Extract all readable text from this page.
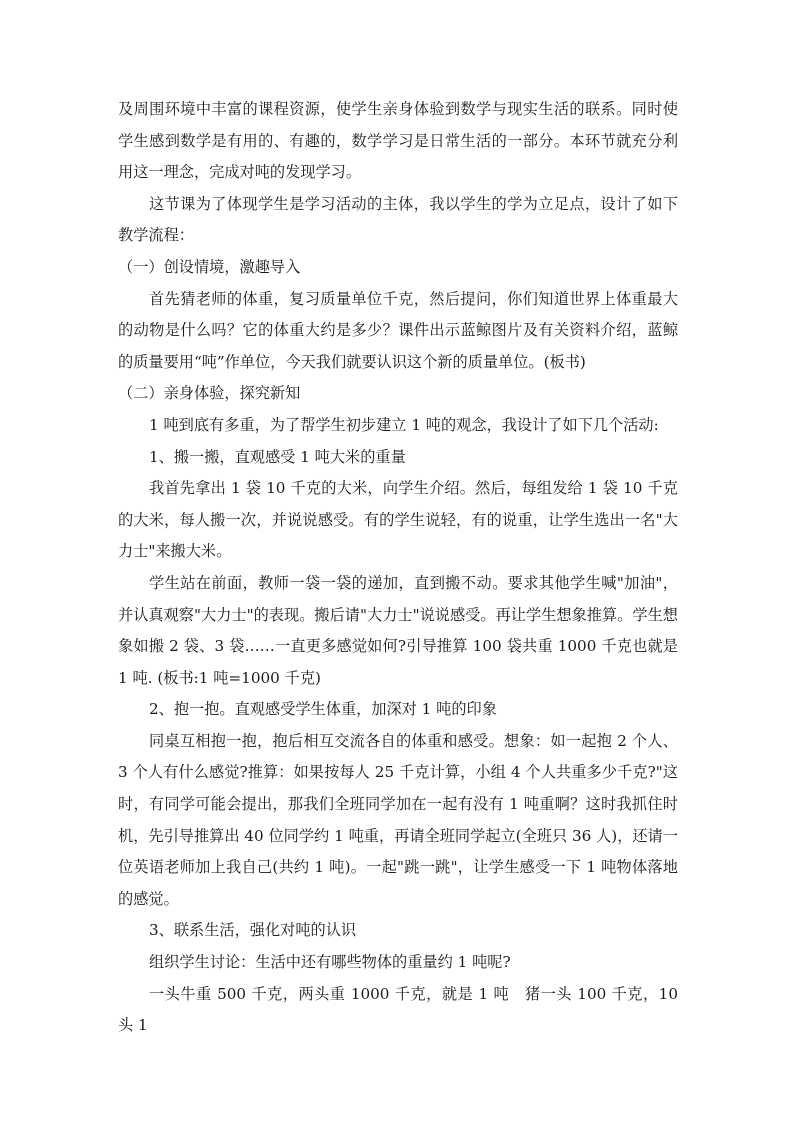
及周围环境中丰富的课程资源，使学生亲身体验到数学与现实生活的联系。同时使学生感到数学是有用的、有趣的，数学学习是日常生活的一部分。本环节就充分利用这一理念，完成对吨的发现学习。

这节课为了体现学生是学习活动的主体，我以学生的学为立足点，设计了如下教学流程：

（一）创设情境，激趣导入

首先猜老师的体重，复习质量单位千克，然后提问，你们知道世界上体重最大的动物是什么吗？它的体重大约是多少？课件出示蓝鲸图片及有关资料介绍，蓝鲸的质量要用“吨”作单位，今天我们就要认识这个新的质量单位。(板书)

（二）亲身体验，探究新知

1 吨到底有多重，为了帮学生初步建立 1 吨的观念，我设计了如下几个活动:

1、搬一搬，直观感受 1 吨大米的重量

我首先拿出 1 袋 10 千克的大米，向学生介绍。然后，每组发给 1 袋 10 千克的大米，每人搬一次，并说说感受。有的学生说轻，有的说重，让学生选出一名"大力士"来搬大米。

学生站在前面，教师一袋一袋的递加，直到搬不动。要求其他学生喊"加油"，并认真观察"大力士"的表现。搬后请"大力士"说说感受。再让学生想象推算。学生想象如搬 2 袋、3 袋……一直更多感觉如何?引导推算 100 袋共重 1000 千克也就是 1 吨. (板书:1 吨=1000 千克)

2、抱一抱。直观感受学生体重，加深对 1 吨的印象

同桌互相抱一抱，抱后相互交流各自的体重和感受。想象：如一起抱 2 个人、3 个人有什么感觉?推算：如果按每人 25 千克计算，小组 4 个人共重多少千克?"这时，有同学可能会提出，那我们全班同学加在一起有没有 1 吨重啊？这时我抓住时机，先引导推算出 40 位同学约 1 吨重，再请全班同学起立(全班只 36 人)，还请一位英语老师加上我自己(共约 1 吨)。一起"跳一跳"，让学生感受一下 1 吨物体落地的感觉。

3、联系生活，强化对吨的认识

组织学生讨论：生活中还有哪些物体的重量约 1 吨呢?

一头牛重 500 千克，两头重 1000 千克，就是 1 吨　猪一头 100 千克，10 头 1
